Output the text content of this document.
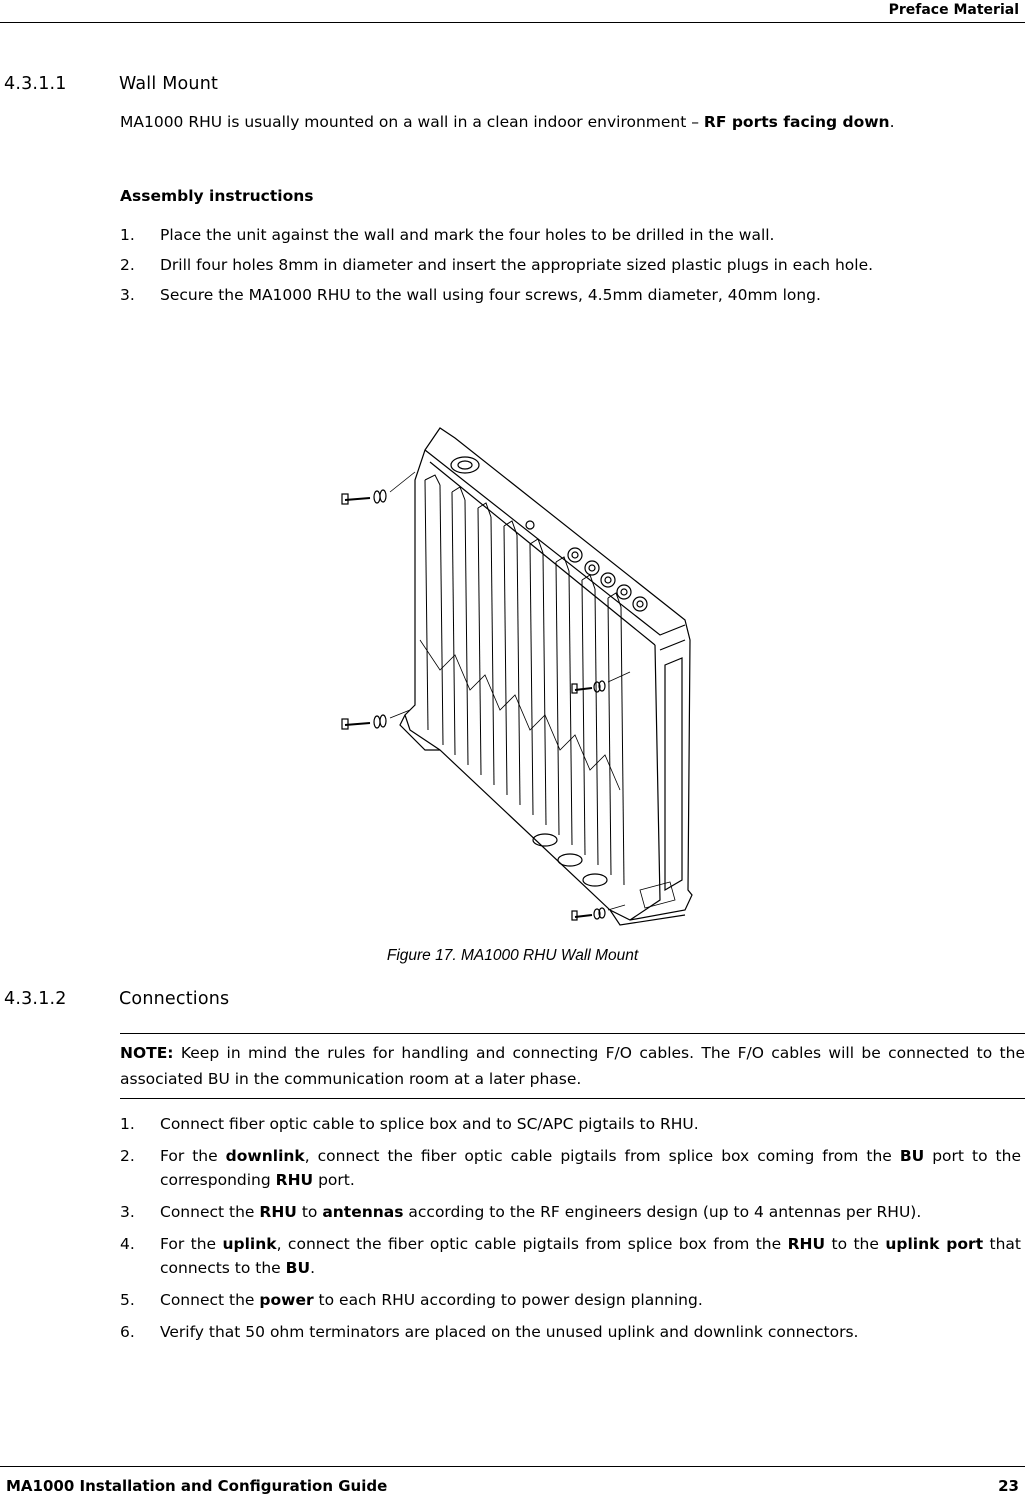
Preface Material
4.3.1.1	Wall Mount
MA1000 RHU is usually mounted on a wall in a clean indoor environment – RF ports facing down.
Assembly instructions
1. Place the unit against the wall and mark the four holes to be drilled in the wall.
2. Drill four holes 8mm in diameter and insert the appropriate sized plastic plugs in each hole.
3. Secure the MA1000 RHU to the wall using four screws, 4.5mm diameter, 40mm long.
Figure 17. MA1000 RHU Wall Mount
4.3.1.2	Connections
NOTE: Keep in mind the rules for handling and connecting F/O cables. The F/O cables will be connected to the associated BU in the communication room at a later phase.
1. Connect fiber optic cable to splice box and to SC/APC pigtails to RHU.
2. For the downlink, connect the fiber optic cable pigtails from splice box coming from the BU port to the corresponding RHU port.
3. Connect the RHU to antennas according to the RF engineers design (up to 4 antennas per RHU).
4. For the uplink, connect the fiber optic cable pigtails from splice box from the RHU to the uplink port that connects to the BU.
5. Connect the power to each RHU according to power design planning.
6. Verify that 50 ohm terminators are placed on the unused uplink and downlink connectors.
MA1000 Installation and Configuration Guide	23
